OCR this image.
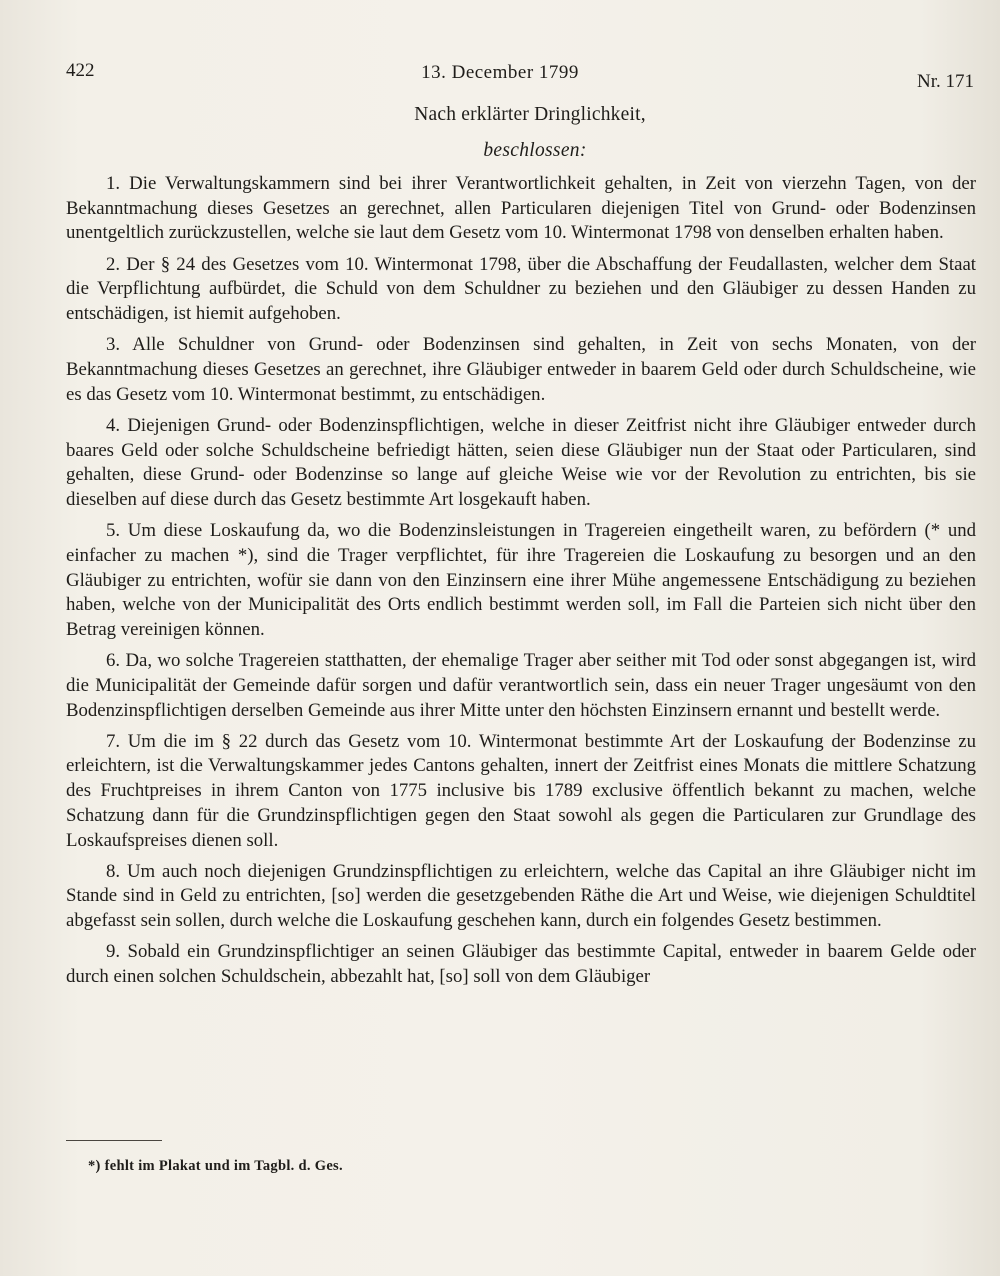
422	13. December 1799	Nr. 171
Nach erklärter Dringlichkeit,
beschlossen:

1. Die Verwaltungskammern sind bei ihrer Verantwortlichkeit gehalten, in Zeit von vierzehn Tagen, von der Bekanntmachung dieses Gesetzes an gerechnet, allen Particularen diejenigen Titel von Grund- oder Bodenzinsen unentgeltlich zurückzustellen, welche sie laut dem Gesetz vom 10. Wintermonat 1798 von denselben erhalten haben.

2. Der § 24 des Gesetzes vom 10. Wintermonat 1798, über die Abschaffung der Feudallasten, welcher dem Staat die Verpflichtung aufbürdet, die Schuld von dem Schuldner zu beziehen und den Gläubiger zu dessen Handen zu entschädigen, ist hiemit aufgehoben.

3. Alle Schuldner von Grund- oder Bodenzinsen sind gehalten, in Zeit von sechs Monaten, von der Bekanntmachung dieses Gesetzes an gerechnet, ihre Gläubiger entweder in baarem Geld oder durch Schuldscheine, wie es das Gesetz vom 10. Wintermonat bestimmt, zu entschädigen.

4. Diejenigen Grund- oder Bodenzinspflichtigen, welche in dieser Zeitfrist nicht ihre Gläubiger entweder durch baares Geld oder solche Schuldscheine befriedigt hätten, seien diese Gläubiger nun der Staat oder Particularen, sind gehalten, diese Grund- oder Bodenzinse so lange auf gleiche Weise wie vor der Revolution zu entrichten, bis sie dieselben auf diese durch das Gesetz bestimmte Art losgekauft haben.

5. Um diese Loskaufung da, wo die Bodenzinsleistungen in Tragereien eingetheilt waren, zu befördern (* und einfacher zu machen *), sind die Trager verpflichtet, für ihre Tragereien die Loskaufung zu besorgen und an den Gläubiger zu entrichten, wofür sie dann von den Einzinsern eine ihrer Mühe angemessene Entschädigung zu beziehen haben, welche von der Municipalität des Orts endlich bestimmt werden soll, im Fall die Parteien sich nicht über den Betrag vereinigen können.

6. Da, wo solche Tragereien statthatten, der ehemalige Trager aber seither mit Tod oder sonst abgegangen ist, wird die Municipalität der Gemeinde dafür sorgen und dafür verantwortlich sein, dass ein neuer Trager ungesäumt von den Bodenzinspflichtigen derselben Gemeinde aus ihrer Mitte unter den höchsten Einzinsern ernannt und bestellt werde.

7. Um die im § 22 durch das Gesetz vom 10. Wintermonat bestimmte Art der Loskaufung der Bodenzinse zu erleichtern, ist die Verwaltungskammer jedes Cantons gehalten, innert der Zeitfrist eines Monats die mittlere Schatzung des Fruchtpreises in ihrem Canton von 1775 inclusive bis 1789 exclusive öffentlich bekannt zu machen, welche Schatzung dann für die Grundzinspflichtigen gegen den Staat sowohl als gegen die Particularen zur Grundlage des Loskaufspreises dienen soll.

8. Um auch noch diejenigen Grundzinspflichtigen zu erleichtern, welche das Capital an ihre Gläubiger nicht im Stande sind in Geld zu entrichten, [so] werden die gesetzgebenden Räthe die Art und Weise, wie diejenigen Schuldtitel abgefasst sein sollen, durch welche die Loskaufung geschehen kann, durch ein folgendes Gesetz bestimmen.

9. Sobald ein Grundzinspflichtiger an seinen Gläubiger das bestimmte Capital, entweder in baarem Gelde oder durch einen solchen Schuldschein, abbezahlt hat, [so] soll von dem Gläubiger

*) fehlt im Plakat und im Tagbl. d. Ges.
